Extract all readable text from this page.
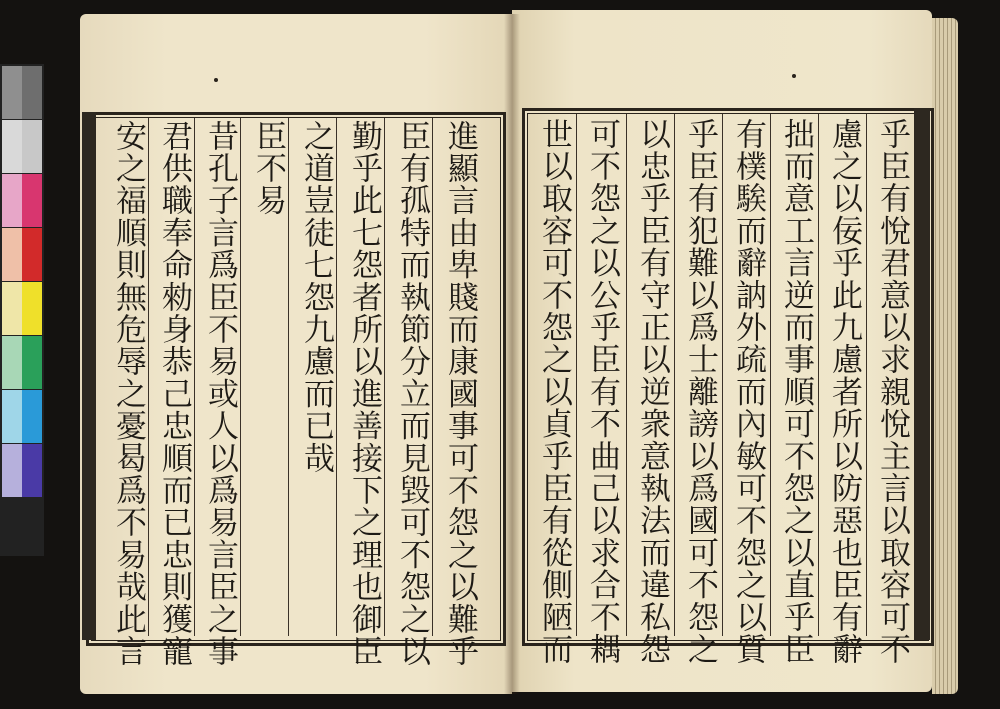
進顯言由卑賤而康國事可不怨之以難乎
臣有孤特而執節分立而見毀可不怨之以
勤乎此七怨者所以進善接下之理也御臣
之道豈徒七怨九慮而已哉
臣不易
昔孔子言爲臣不易或人以爲易言臣之事
君供職奉命勑身恭己忠順而已忠則獲寵
安之福順則無危辱之憂曷爲不易哉此言	乎臣有悅君意以求親悅主言以取容可不
慮之以佞乎此九慮者所以防惡也臣有辭
拙而意工言逆而事順可不怨之以直乎臣
有樸騃而辭訥外疏而內敏可不怨之以質
乎臣有犯難以爲士離謗以爲國可不怨之
以忠乎臣有守正以逆衆意執法而違私怨
可不怨之以公乎臣有不曲己以求合不耦
世以取容可不怨之以貞乎臣有從側陋而
